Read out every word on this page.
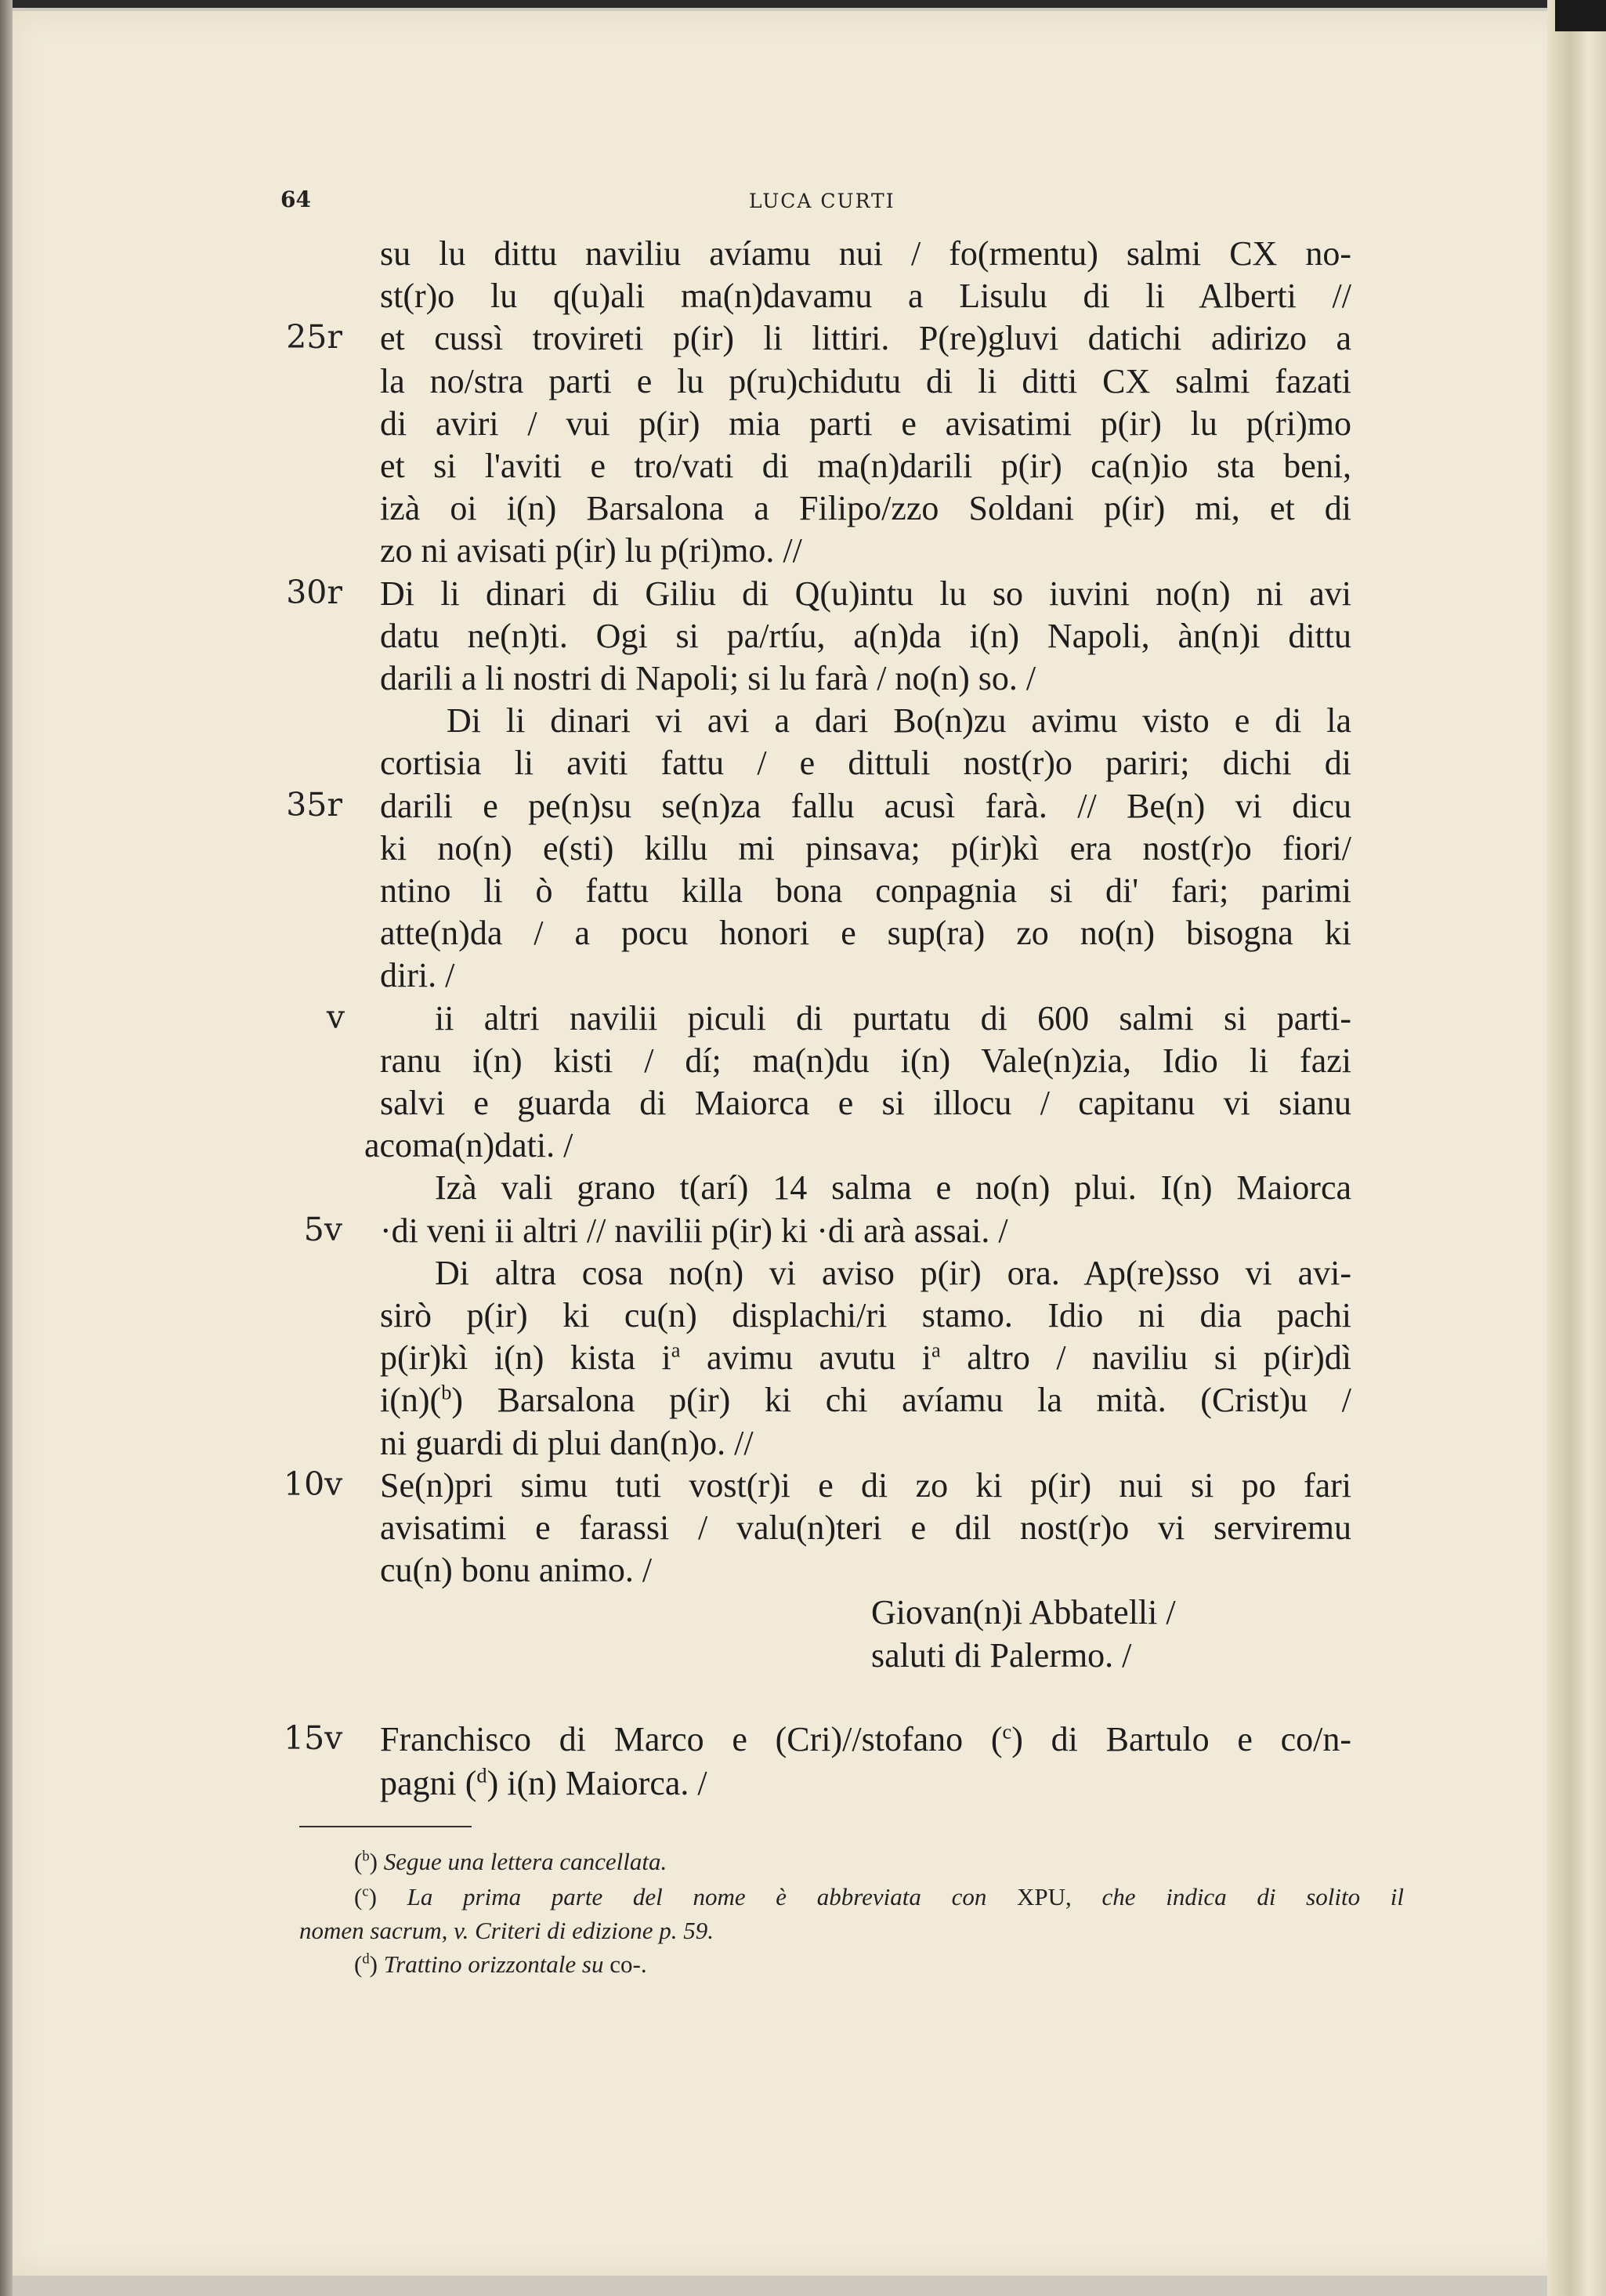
64	LUCA CURTI
su lu dittu naviliu avíamu nui / fo(rmentu) salmi CX no-
st(r)o lu q(u)ali ma(n)davamu a Lisulu di li Alberti //
25r et cussì trovireti p(ir) li littiri. P(re)gluvi datichi adirizo a
la no/stra parti e lu p(ru)chidutu di li ditti CX salmi fazati
di aviri / vui p(ir) mia parti e avisatimi p(ir) lu p(ri)mo
et si l'aviti e tro/vati di ma(n)darili p(ir) ca(n)io sta beni,
izà oi i(n) Barsalona a Filipo/zzo Soldani p(ir) mi, et di
zo ni avisati p(ir) lu p(ri)mo. //
30r Di li dinari di Giliu di Q(u)intu lu so iuvini no(n) ni avi
datu ne(n)ti. Ogi si pa/rtíu, a(n)da i(n) Napoli, àn(n)i dittu
darili a li nostri di Napoli; si lu farà / no(n) so. /
Di li dinari vi avi a dari Bo(n)zu avimu visto e di la
cortisia li aviti fattu / e dittuli nost(r)o pariri; dichi di
35r darili e pe(n)su se(n)za fallu acusì farà. // Be(n) vi dicu
ki no(n) e(sti) killu mi pinsava; p(ir)kì era nost(r)o fiori/
ntino li ò fattu killa bona conpagnia si di' fari; parimi
atte(n)da / a pocu honori e sup(ra) zo no(n) bisogna ki
diri. /
v	ii altri navilii piculi di purtatu di 600 salmi si parti-
ranu i(n) kisti / dí; ma(n)du i(n) Vale(n)zia, Idio li fazi
salvi e guarda di Maiorca e si illocu / capitanu vi sianu
acoma(n)dati. /
Izà vali grano t(arí) 14 salma e no(n) plui. I(n) Maiorca
5v ·di veni ii altri // navilii p(ir) ki ·di arà assai. /
Di altra cosa no(n) vi aviso p(ir) ora. Ap(re)sso vi avi-
sirò p(ir) ki cu(n) displachi/ri stamo. Idio ni dia pachi
p(ir)kì i(n) kista $i^a$ avimu avutu $i^a$ altro / naviliu si p(ir)dì
i(n)($^b$) Barsalona p(ir) ki chi avíamu la mità. (Crist)u /
ni guardi di plui dan(n)o. //
10v Se(n)pri simu tuti vost(r)i e di zo ki p(ir) nui si po fari
avisatimi e farassi / valu(n)teri e dil nost(r)o vi serviremu
cu(n) bonu animo. /
Giovan(n)i Abbatelli /
saluti di Palermo. /
15v Franchisco di Marco e (Cri)//stofano ($^c$) di Bartulo e co/n-
pagni ($^d$) i(n) Maiorca. /
($^b$) Segue una lettera cancellata.
($^c$) La prima parte del nome è abbreviata con XPU, che indica di solito il
nomen sacrum, v. Criteri di edizione p. 59.
($^d$) Trattino orizzontale su co-.
